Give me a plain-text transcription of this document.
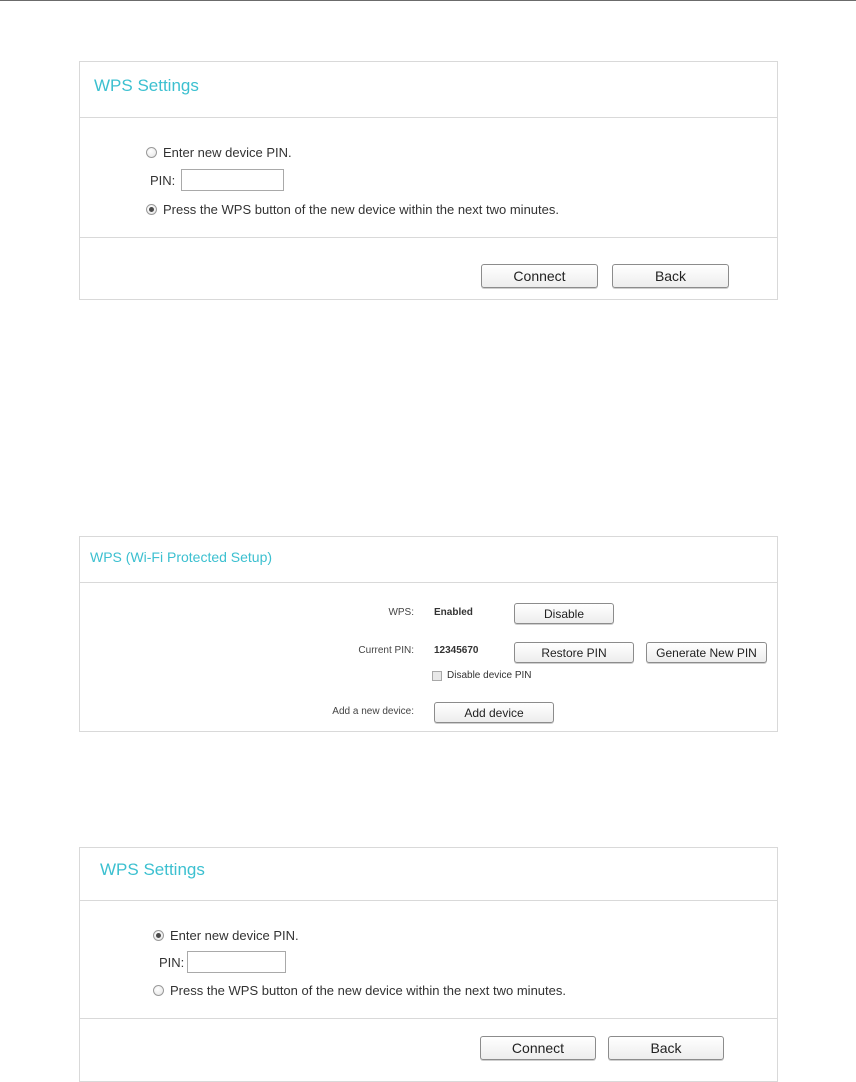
WPS Settings
Enter new device PIN.
PIN:
Press the WPS button of the new device within the next two minutes.
Connect	Back
WPS (Wi-Fi Protected Setup)
WPS: Enabled	Disable
Current PIN: 12345670	Restore PIN	Generate New PIN
Disable device PIN
Add a new device:	Add device
WPS Settings
Enter new device PIN.
PIN:
Press the WPS button of the new device within the next two minutes.
Connect	Back
